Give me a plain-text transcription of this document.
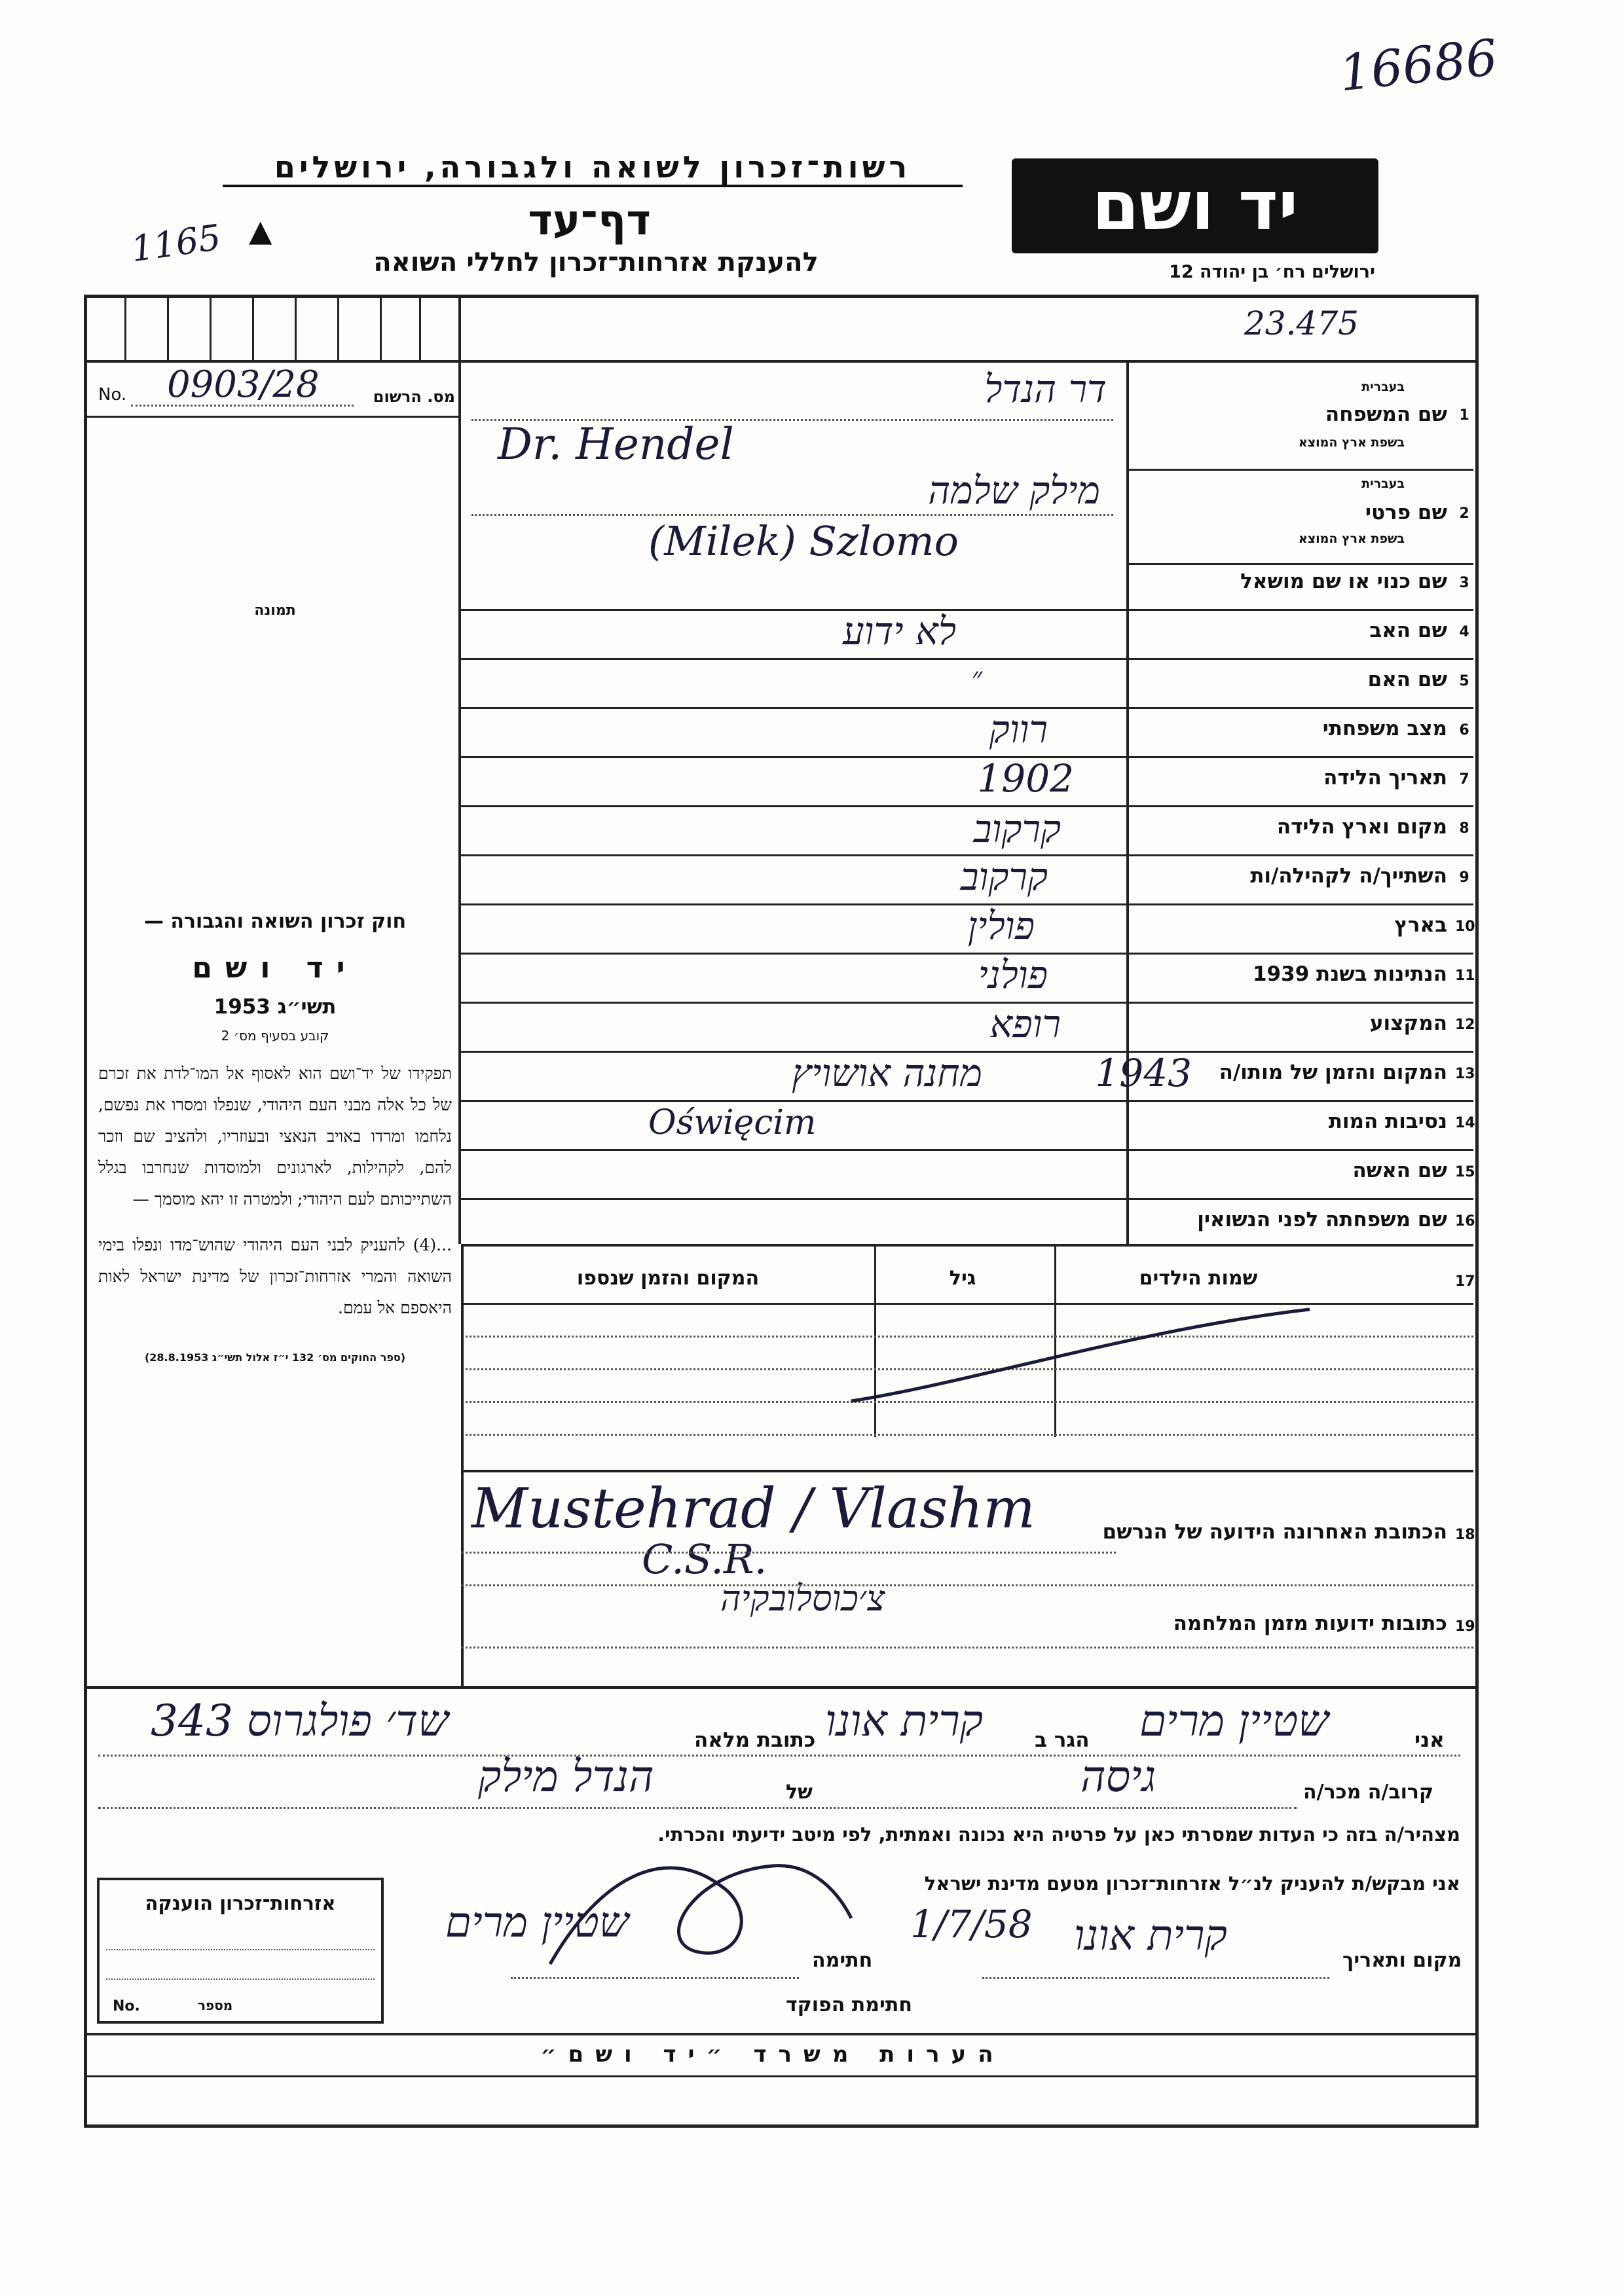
16686
רשות־זכרון לשואה ולגבורה, ירושלים
דף־עד
1165 ▲
להענקת אזרחות־זכרון לחללי השואה
יד ושם
ירושלים רח׳ בן יהודה 12
23.475
No. 0903/28	מס. הרשום
תמונה
חוק זכרון השואה והגבורה —
יד ושם
תשי״ג 1953
קובע בסעיף מס׳ 2
תפקידו של יד־ושם הוא לאסוף אל המו־לדת את זכרם של כל אלה מבני העם היהודי, שנפלו ומסרו את נפשם, נלחמו ומרדו באויב הנאצי ובעוזריו, ולהציב שם וזכר להם, לקהילות, לארגונים ולמוסדות שנחרבו בגלל השתייכותם לעם היהודי; ולמטרה זו יהא מוסמך —
...(4) להעניק לבני העם היהודי שהוש־מדו ונפלו בימי השואה והמרי אזרחות־זכרון של מדינת ישראל לאות היאספם אל עמם.
(ספר החוקים מס׳ 132 י״ז אלול תשי״ג 28.8.1953)
1
שם המשפחה
בעברית
בשפת ארץ המוצא
דר הנדל
Dr. Hendel
2
שם פרטי
בעברית
בשפת ארץ המוצא
מילק שלמה
(Milek) Szlomo
3
שם כנוי או שם מושאל
4
שם האב
לא ידוע
5
שם האם
״
6
מצב משפחתי
רווק
7
תאריך הלידה
1902
8
מקום וארץ הלידה
קרקוב
9
השתייך/ה לקהילה/ות
קרקוב
10
בארץ
פולין
11
הנתינות בשנת 1939
פולני
12
המקצוע
רופא
13
המקום והזמן של מותו/ה
1943
מחנה אושויץ
Oświęcim	14
נסיבות המות
15
שם האשה
16
שם משפחתה לפני הנשואין
17
שמות הילדים
גיל
המקום והזמן שנספו
18
הכתובת האחרונה הידועה של הנרשם
Mustehrad / Vlashm
C.S.R.
צ׳כוסלובקיה
19
כתובות ידועות מזמן המלחמה
אני
שטיין מרים
הגר ב
קרית אונו
כתובת מלאה
שד׳ פולגרוס 343
קרוב/ה מכר/ה
גיסה
של
הנדל מילק
מצהיר/ה בזה כי העדות שמסרתי כאן על פרטיה היא נכונה ואמתית, לפי מיטב ידיעתי והכרתי.
אני מבקש/ת להעניק לנ״ל אזרחות־זכרון מטעם מדינת ישראל
אזרחות־זכרון הוענקה
מספר
No.
מקום ותאריך
קרית אונו
1/7/58
חתימה
שטיין מרים
חתימת הפוקד
הערות משרד ״יד ושם״
